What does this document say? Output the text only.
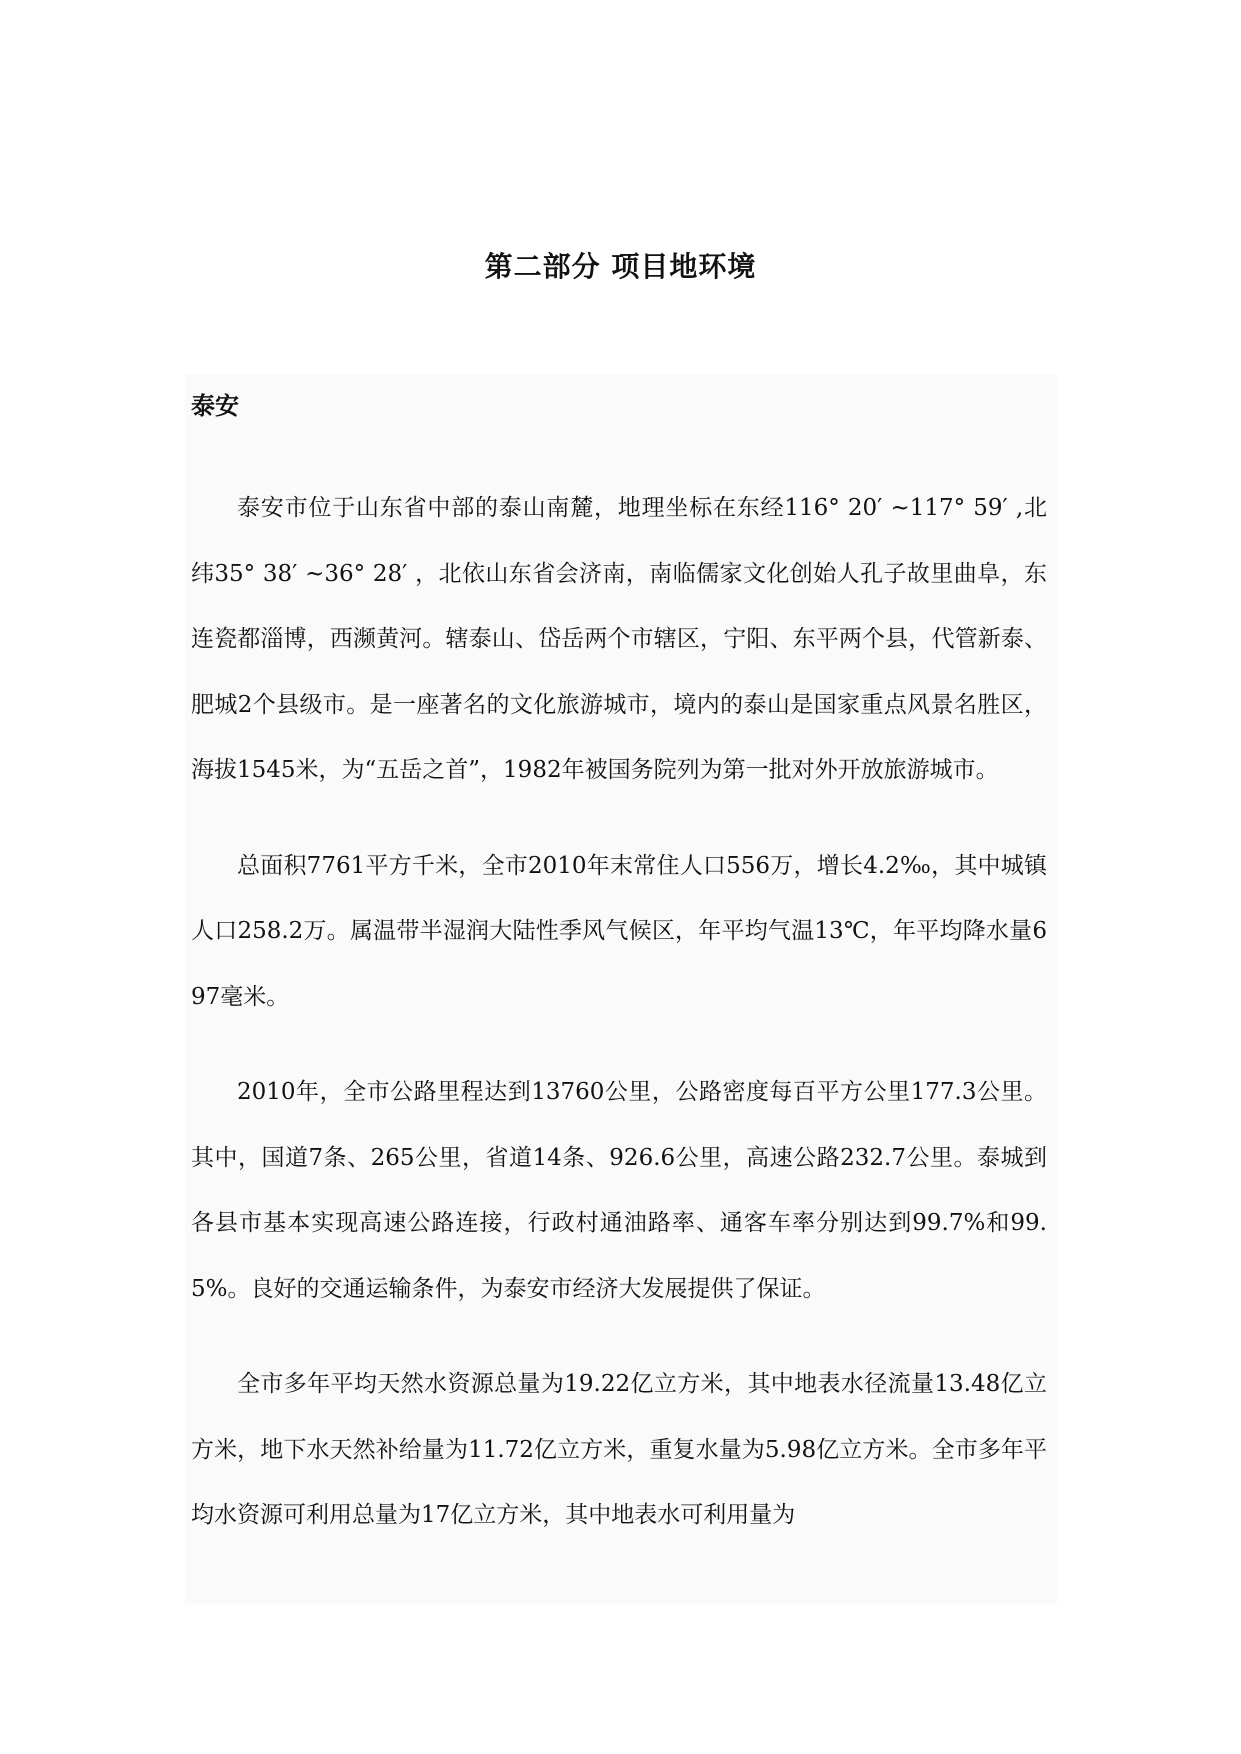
第二部分 项目地环境
泰安

泰安市位于山东省中部的泰山南麓，地理坐标在东经116° 20′ ~117° 59′ ,北纬35° 38′ ~36° 28′ ，北依山东省会济南，南临儒家文化创始人孔子故里曲阜，东连瓷都淄博，西濒黄河。辖泰山、岱岳两个市辖区，宁阳、东平两个县，代管新泰、肥城2个县级市。是一座著名的文化旅游城市，境内的泰山是国家重点风景名胜区，海拔1545米，为“五岳之首”，1982年被国务院列为第一批对外开放旅游城市。

总面积7761平方千米，全市2010年末常住人口556万，增长4.2‰，其中城镇人口258.2万。属温带半湿润大陆性季风气候区，年平均气温13℃，年平均降水量697毫米。

2010年，全市公路里程达到13760公里，公路密度每百平方公里177.3公里。其中，国道7条、265公里，省道14条、926.6公里，高速公路232.7公里。泰城到各县市基本实现高速公路连接，行政村通油路率、通客车率分别达到99.7%和99.5%。良好的交通运输条件，为泰安市经济大发展提供了保证。

全市多年平均天然水资源总量为19.22亿立方米，其中地表水径流量13.48亿立方米，地下水天然补给量为11.72亿立方米，重复水量为5.98亿立方米。全市多年平均水资源可利用总量为17亿立方米，其中地表水可利用量为
